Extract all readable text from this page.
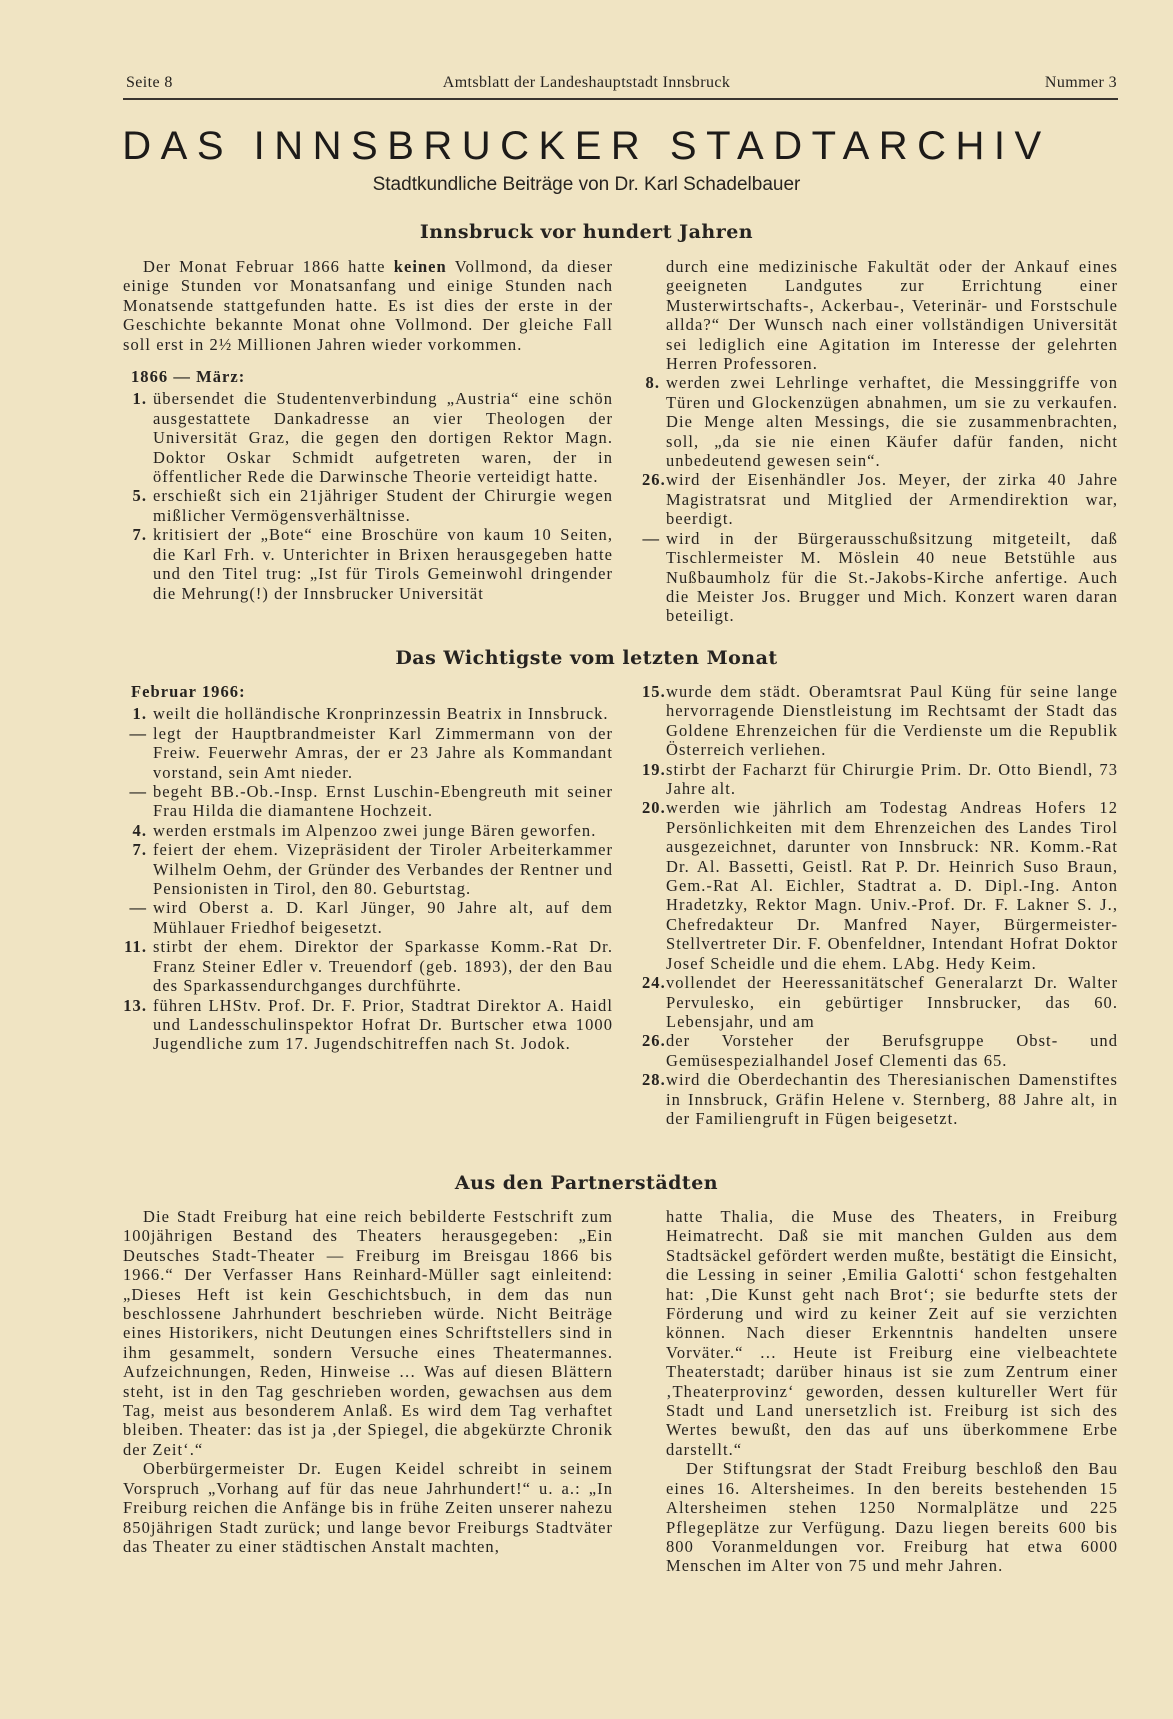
Seite 8	Amtsblatt der Landeshauptstadt Innsbruck	Nummer 3
DAS INNSBRUCKER STADTARCHIV
Stadtkundliche Beiträge von Dr. Karl Schadelbauer
Innsbruck vor hundert Jahren

Der Monat Februar 1866 hatte keinen Vollmond, da dieser einige Stunden vor Monatsanfang und einige Stunden nach Monatsende stattgefunden hatte. Es ist dies der erste in der Geschichte bekannte Monat ohne Vollmond. Der gleiche Fall soll erst in 2½ Millionen Jahren wieder vorkommen.

1866 — März:
1. übersendet die Studentenverbindung „Austria“ eine schön ausgestattete Dankadresse an vier Theologen der Universität Graz, die gegen den dortigen Rektor Magn. Doktor Oskar Schmidt aufgetreten waren, der in öffentlicher Rede die Darwinsche Theorie verteidigt hatte.
5. erschießt sich ein 21jähriger Student der Chirurgie wegen mißlicher Vermögensverhältnisse.
7. kritisiert der „Bote“ eine Broschüre von kaum 10 Seiten, die Karl Frh. v. Unterichter in Brixen herausgegeben hatte und den Titel trug: „Ist für Tirols Gemeinwohl dringender die Mehrung(!) der Innsbrucker Universität

durch eine medizinische Fakultät oder der Ankauf eines geeigneten Landgutes zur Errichtung einer Musterwirtschafts-, Ackerbau-, Veterinär- und Forstschule allda?“ Der Wunsch nach einer vollständigen Universität sei lediglich eine Agitation im Interesse der gelehrten Herren Professoren.

8. werden zwei Lehrlinge verhaftet, die Messinggriffe von Türen und Glockenzügen abnahmen, um sie zu verkaufen. Die Menge alten Messings, die sie zusammenbrachten, soll, „da sie nie einen Käufer dafür fanden, nicht unbedeutend gewesen sein“.
26. wird der Eisenhändler Jos. Meyer, der zirka 40 Jahre Magistratsrat und Mitglied der Armendirektion war, beerdigt.
— wird in der Bürgerausschußsitzung mitgeteilt, daß Tischlermeister M. Möslein 40 neue Betstühle aus Nußbaumholz für die St.-Jakobs-Kirche anfertige. Auch die Meister Jos. Brugger und Mich. Konzert waren daran beteiligt.
Das Wichtigste vom letzten Monat
Februar 1966:
1. weilt die holländische Kronprinzessin Beatrix in Innsbruck.
— legt der Hauptbrandmeister Karl Zimmermann von der Freiw. Feuerwehr Amras, der er 23 Jahre als Kommandant vorstand, sein Amt nieder.
— begeht BB.-Ob.-Insp. Ernst Luschin-Ebengreuth mit seiner Frau Hilda die diamantene Hochzeit.
4. werden erstmals im Alpenzoo zwei junge Bären geworfen.
7. feiert der ehem. Vizepräsident der Tiroler Arbeiterkammer Wilhelm Oehm, der Gründer des Verbandes der Rentner und Pensionisten in Tirol, den 80. Geburtstag.
— wird Oberst a. D. Karl Jünger, 90 Jahre alt, auf dem Mühlauer Friedhof beigesetzt.
11. stirbt der ehem. Direktor der Sparkasse Komm.-Rat Dr. Franz Steiner Edler v. Treuendorf (geb. 1893), der den Bau des Sparkassendurchganges durchführte.
13. führen LHStv. Prof. Dr. F. Prior, Stadtrat Direktor A. Haidl und Landesschulinspektor Hofrat Dr. Burtscher etwa 1000 Jugendliche zum 17. Jugendschitreffen nach St. Jodok.
15. wurde dem städt. Oberamtsrat Paul Küng für seine lange hervorragende Dienstleistung im Rechtsamt der Stadt das Goldene Ehrenzeichen für die Verdienste um die Republik Österreich verliehen.
19. stirbt der Facharzt für Chirurgie Prim. Dr. Otto Biendl, 73 Jahre alt.
20. werden wie jährlich am Todestag Andreas Hofers 12 Persönlichkeiten mit dem Ehrenzeichen des Landes Tirol ausgezeichnet, darunter von Innsbruck: NR. Komm.-Rat Dr. Al. Bassetti, Geistl. Rat P. Dr. Heinrich Suso Braun, Gem.-Rat Al. Eichler, Stadtrat a. D. Dipl.-Ing. Anton Hradetzky, Rektor Magn. Univ.-Prof. Dr. F. Lakner S. J., Chefredakteur Dr. Manfred Nayer, Bürgermeister-Stellvertreter Dir. F. Obenfeldner, Intendant Hofrat Doktor Josef Scheidle und die ehem. LAbg. Hedy Keim.
24. vollendet der Heeressanitätschef Generalarzt Dr. Walter Pervulesko, ein gebürtiger Innsbrucker, das 60. Lebensjahr, und am
26. der Vorsteher der Berufsgruppe Obst- und Gemüsespezialhandel Josef Clementi das 65.
28. wird die Oberdechantin des Theresianischen Damenstiftes in Innsbruck, Gräfin Helene v. Sternberg, 88 Jahre alt, in der Familiengruft in Fügen beigesetzt.
Aus den Partnerstädten

Die Stadt Freiburg hat eine reich bebilderte Festschrift zum 100jährigen Bestand des Theaters herausgegeben: „Ein Deutsches Stadt-Theater — Freiburg im Breisgau 1866 bis 1966.“ Der Verfasser Hans Reinhard-Müller sagt einleitend: „Dieses Heft ist kein Geschichtsbuch, in dem das nun beschlossene Jahrhundert beschrieben würde. Nicht Beiträge eines Historikers, nicht Deutungen eines Schriftstellers sind in ihm gesammelt, sondern Versuche eines Theatermannes. Aufzeichnungen, Reden, Hinweise … Was auf diesen Blättern steht, ist in den Tag geschrieben worden, gewachsen aus dem Tag, meist aus besonderem Anlaß. Es wird dem Tag verhaftet bleiben. Theater: das ist ja ‚der Spiegel, die abgekürzte Chronik der Zeit‘.“

Oberbürgermeister Dr. Eugen Keidel schreibt in seinem Vorspruch „Vorhang auf für das neue Jahrhundert!“ u. a.: „In Freiburg reichen die Anfänge bis in frühe Zeiten unserer nahezu 850jährigen Stadt zurück; und lange bevor Freiburgs Stadtväter das Theater zu einer städtischen Anstalt machten,

hatte Thalia, die Muse des Theaters, in Freiburg Heimatrecht. Daß sie mit manchen Gulden aus dem Stadtsäckel gefördert werden mußte, bestätigt die Einsicht, die Lessing in seiner ‚Emilia Galotti‘ schon festgehalten hat: ‚Die Kunst geht nach Brot‘; sie bedurfte stets der Förderung und wird zu keiner Zeit auf sie verzichten können. Nach dieser Erkenntnis handelten unsere Vorväter.“ … Heute ist Freiburg eine vielbeachtete Theaterstadt; darüber hinaus ist sie zum Zentrum einer ‚Theaterprovinz‘ geworden, dessen kultureller Wert für Stadt und Land unersetzlich ist. Freiburg ist sich des Wertes bewußt, den das auf uns überkommene Erbe darstellt.“

Der Stiftungsrat der Stadt Freiburg beschloß den Bau eines 16. Altersheimes. In den bereits bestehenden 15 Altersheimen stehen 1250 Normalplätze und 225 Pflegeplätze zur Verfügung. Dazu liegen bereits 600 bis 800 Voranmeldungen vor. Freiburg hat etwa 6000 Menschen im Alter von 75 und mehr Jahren.
